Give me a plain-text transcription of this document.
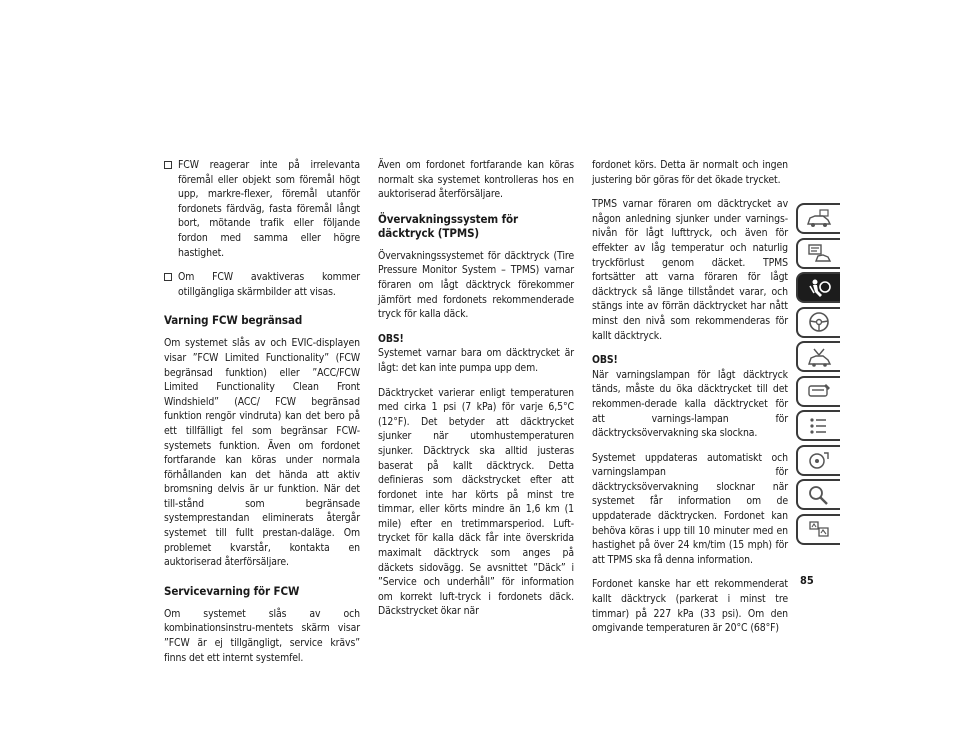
FCW reagerar inte på irrelevanta föremål eller objekt som föremål högt upp, markre-flexer, föremål utanför fordonets färdväg, fasta föremål långt bort, mötande trafik eller följande fordon med samma eller högre hastighet.
Om FCW avaktiveras kommer otillgängliga skärmbilder att visas.
Varning FCW begränsad

Om systemet slås av och EVIC-displayen visar ”FCW Limited Functionality” (FCW begränsad funktion) eller ”ACC/FCW Limited Functionality Clean Front Windshield” (ACC/ FCW begränsad funktion rengör vindruta) kan det bero på ett tillfälligt fel som begränsar FCW-systemets funktion. Även om fordonet fortfarande kan köras under normala förhållanden kan det hända att aktiv bromsning delvis är ur funktion. När det till-stånd som begränsade systemprestandan eliminerats återgår systemet till fullt prestan-daläge. Om problemet kvarstår, kontakta en auktoriserad återförsäljare.

Servicevarning för FCW

Om systemet slås av och kombinationsinstru-mentets skärm visar ”FCW är ej tillgängligt, service krävs” finns det ett internt systemfel.

Även om fordonet fortfarande kan köras normalt ska systemet kontrolleras hos en auktoriserad återförsäljare.

Övervakningssystem för däcktryck (TPMS)

Övervakningssystemet för däcktryck (Tire Pressure Monitor System – TPMS) varnar föraren om lågt däcktryck förekommer jämfört med fordonets rekommenderade tryck för kalla däck.

OBS!
Systemet varnar bara om däcktrycket är lågt: det kan inte pumpa upp dem.

Däcktrycket varierar enligt temperaturen med cirka 1 psi (7 kPa) för varje 6,5°C (12°F). Det betyder att däcktrycket sjunker när utomhustemperaturen sjunker. Däcktryck ska alltid justeras baserat på kallt däcktryck. Detta definieras som däckstrycket efter att fordonet inte har körts på minst tre timmar, eller körts mindre än 1,6 km (1 mile) efter en tretimmarsperiod. Luft-trycket för kalla däck får inte överskrida maximalt däcktryck som anges på däckets sidovägg. Se avsnittet ”Däck” i ”Service och underhåll” för information om korrekt luft-tryck i fordonets däck. Däckstrycket ökar när

fordonet körs. Detta är normalt och ingen justering bör göras för det ökade trycket.

TPMS varnar föraren om däcktrycket av någon anledning sjunker under varnings-nivån för lågt lufttryck, och även för effekter av låg temperatur och naturlig tryckförlust genom däcket. TPMS fortsätter att varna föraren för lågt däcktryck så länge tillståndet varar, och stängs inte av förrän däcktrycket har nått minst den nivå som rekommenderas för kallt däcktryck.

OBS!
När varningslampan för lågt däcktryck tänds, måste du öka däcktrycket till det rekommen-derade kalla däcktrycket för att varnings-lampan för däcktrycksövervakning ska slockna.

Systemet uppdateras automatiskt och varningslampan för däcktrycksövervakning slocknar när systemet får information om de uppdaterade däcktrycken. Fordonet kan behöva köras i upp till 10 minuter med en hastighet på över 24 km/tim (15 mph) för att TPMS ska få denna information.

Fordonet kanske har ett rekommenderat kallt däcktryck (parkerat i minst tre timmar) på 227 kPa (33 psi). Om den omgivande temperaturen är 20°C (68°F)

85
